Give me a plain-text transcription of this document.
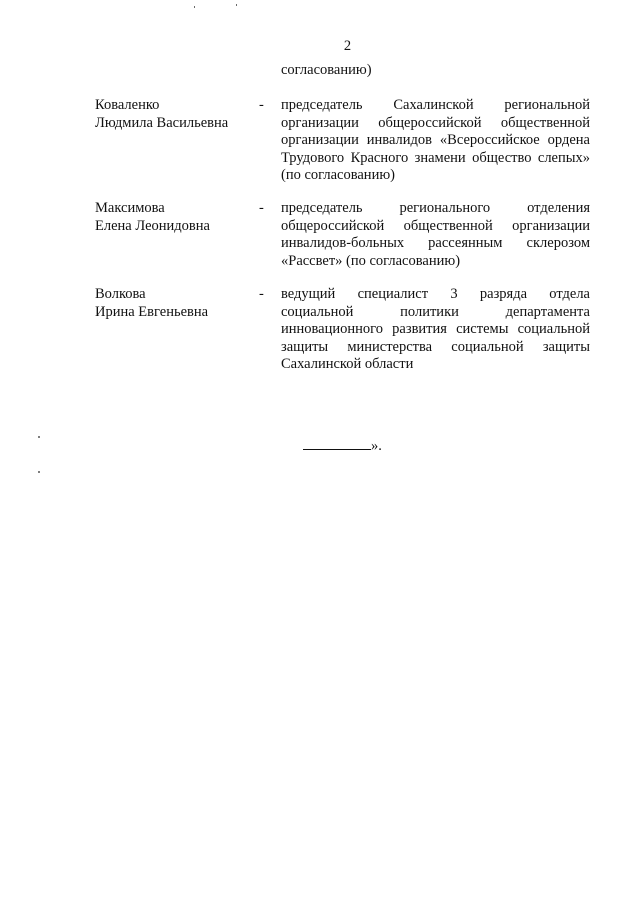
2
согласованию)
Коваленко
Людмила Васильевна
- председатель Сахалинской региональной
организации общероссийской общественной
организации инвалидов «Всероссийское ордена
Трудового Красного знамени общество слепых»
(по согласованию)
Максимова
Елена Леонидовна
- председатель регионального отделения
общероссийской общественной организации
инвалидов-больных рассеянным склерозом
«Рассвет» (по согласованию)
Волкова
Ирина Евгеньевна
- ведущий специалист 3 разряда отдела
социальной политики департамента
инновационного развития системы социальной
защиты министерства социальной защиты
Сахалинской области
».
